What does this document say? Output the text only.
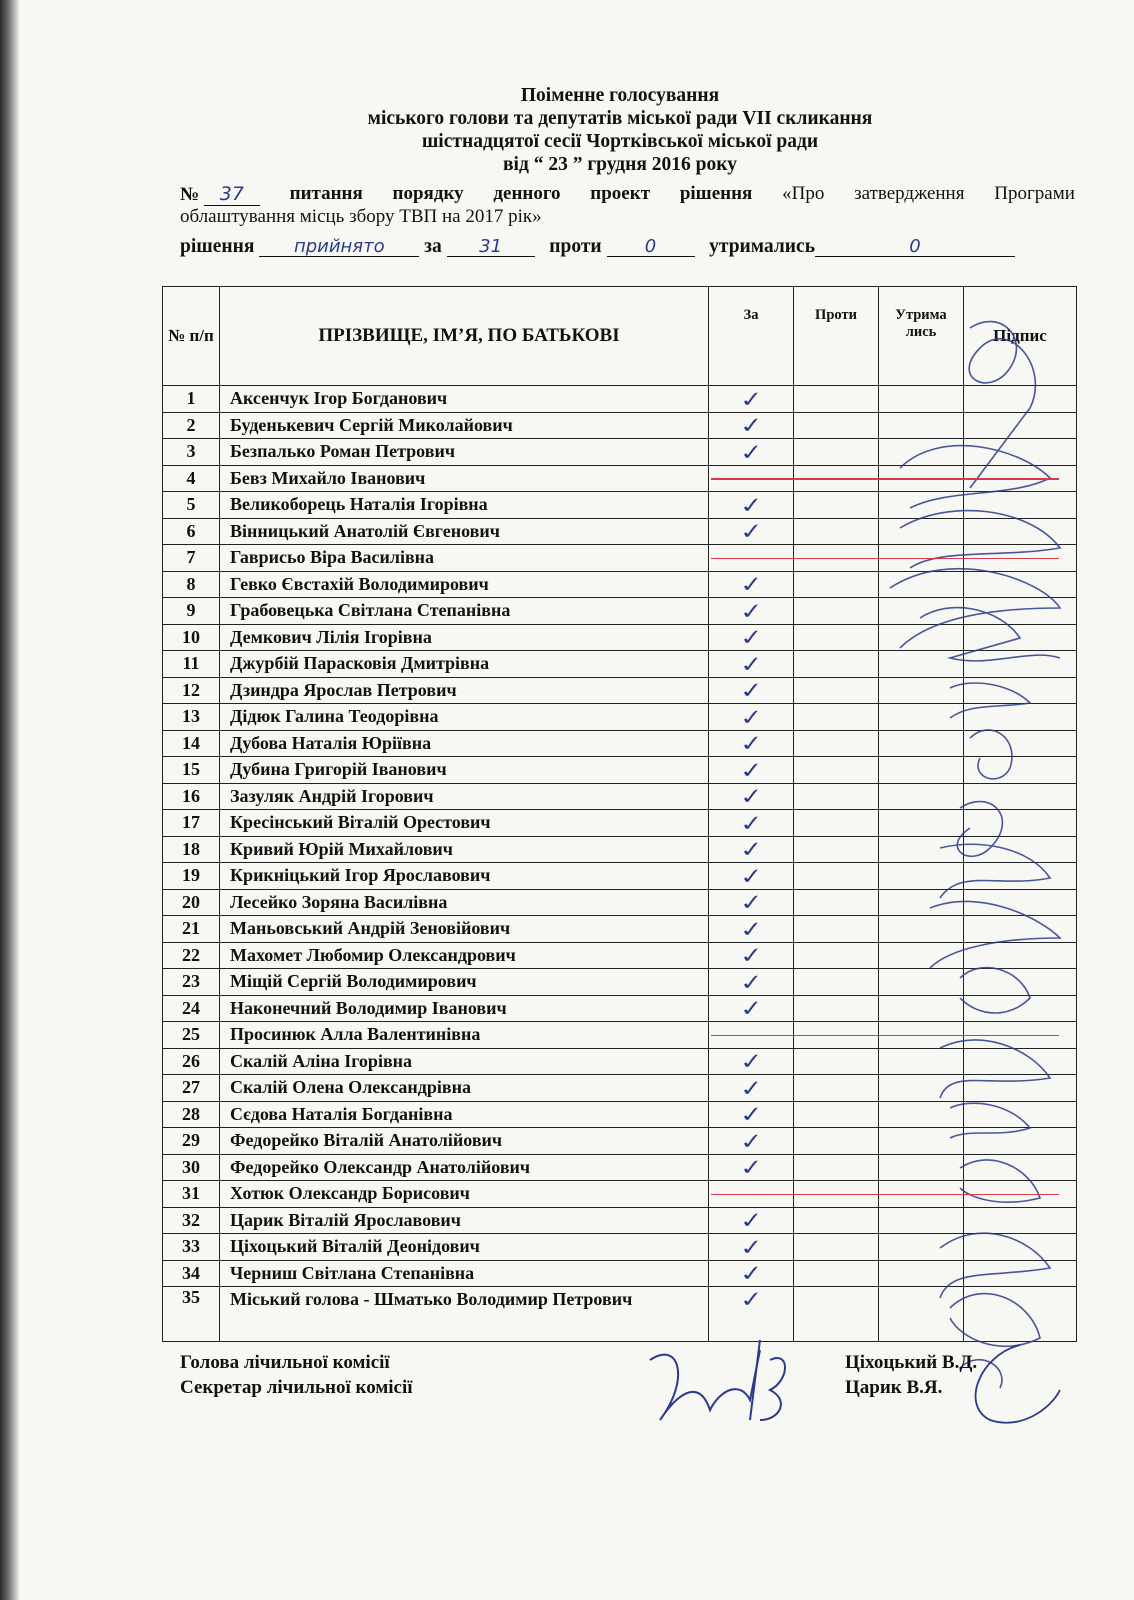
Поіменне голосування
міського голови та депутатів міської ради VII скликання
шістнадцятої сесії Чортківської міської ради
від “ 23 ” грудня 2016 року
№ 37	питання порядку денного проект рішення «Про затвердження Програми
облаштування місць збору ТВП на 2017 рік»
рішення прийнято за 31 проти 0	утримались	0
№ п/п	ПРІЗВИЩЕ, ІМ’Я, ПО БАТЬКОВІ	За	Проти	Утрима лись	Підпис
1	Аксенчук Ігор Богданович	✓			
2	Буденькевич Сергій Миколайович	✓			
3	Безпалько Роман Петрович	✓			
4	Бевз Михайло Іванович				
5	Великоборець Наталія Ігорівна	✓			
6	Вінницький Анатолій Євгенович	✓			
7	Гаврисьо Віра Василівна				
8	Гевко Євстахій Володимирович	✓			
9	Грабовецька Світлана Степанівна	✓			
10	Демкович Лілія Ігорівна	✓			
11	Джурбій Парасковія Дмитрівна	✓			
12	Дзиндра Ярослав Петрович	✓			
13	Дідюк Галина Теодорівна	✓			
14	Дубова Наталія Юріївна	✓			
15	Дубина Григорій Іванович	✓			
16	Зазуляк Андрій Ігорович	✓			
17	Кресінський Віталій Орестович	✓			
18	Кривий Юрій Михайлович	✓			
19	Крикніцький Ігор Ярославович	✓			
20	Лесейко Зоряна Василівна	✓			
21	Маньовський Андрій Зеновійович	✓			
22	Махомет Любомир Олександрович	✓			
23	Міщій Сергій Володимирович	✓			
24	Наконечний Володимир Іванович	✓			
25	Просинюк Алла Валентинівна				
26	Скалій Аліна Ігорівна	✓			
27	Скалій Олена Олександрівна	✓			
28	Сєдова Наталія Богданівна	✓			
29	Федорейко Віталій Анатолійович	✓			
30	Федорейко Олександр Анатолійович	✓			
31	Хотюк Олександр Борисович				
32	Царик Віталій Ярославович	✓			
33	Ціхоцький Віталій Деонідович	✓			
34	Черниш Світлана Степанівна	✓			
35	Міський голова - Шматько Володимир Петрович	✓			
Голова лічильної комісії	Ціхоцький В.Д.
Секретар лічильної комісії	Царик В.Я.
